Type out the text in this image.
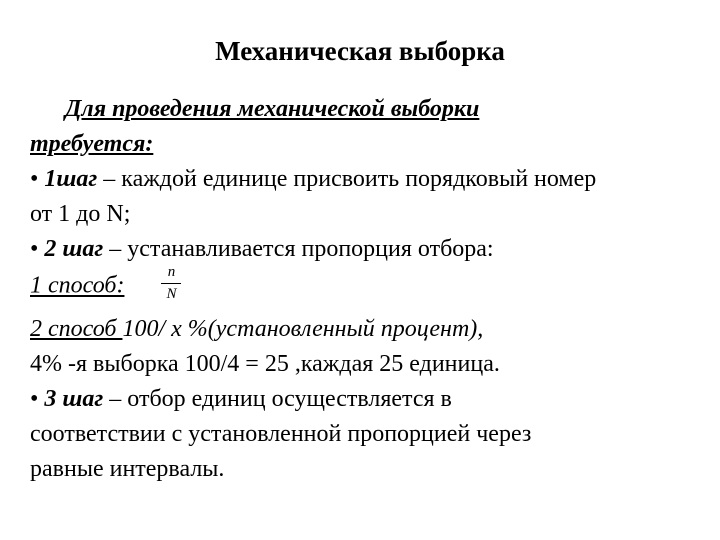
Механическая выборка
Для проведения механической выборки
требуется:
• 1шаг – каждой единице присвоить порядковый номер
от 1 до N;
• 2 шаг – устанавливается пропорция отбора:
1 способ: $\frac{n}{N}$
2 способ 100/ х %(установленный процент),
4% -я выборка 100/4 = 25 ,каждая 25 единица.
• 3 шаг – отбор единиц осуществляется в
соответствии с установленной пропорцией через
равные интервалы.
